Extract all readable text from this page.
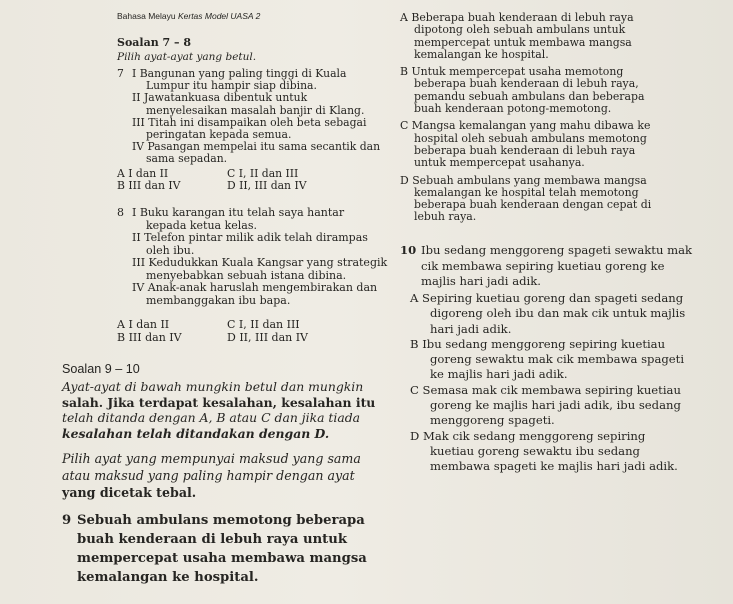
Bahasa Melayu Kertas Model UASA 2
Soalan 7 – 8
Pilih ayat-ayat yang betul.
7 I Bangunan yang paling tinggi di Kuala
Lumpur itu hampir siap dibina.
II Jawatankuasa dibentuk untuk
menyelesaikan masalah banjir di Klang.
III Titah ini disampaikan oleh beta sebagai
peringatan kepada semua.
IV Pasangan mempelai itu sama secantik dan
sama sepadan.
A I dan II	C I, II dan III
B III dan IV	D II, III dan IV
8 I Buku karangan itu telah saya hantar
kepada ketua kelas.
II Telefon pintar milik adik telah dirampas
oleh ibu.
III Kedudukkan Kuala Kangsar yang strategik
menyebabkan sebuah istana dibina.
IV Anak-anak haruslah mengembirakan dan
membanggakan ibu bapa.
A I dan II	C I, II dan III
B III dan IV	D II, III dan IV
Soalan 9 – 10
Ayat-ayat di bawah mungkin betul dan mungkin
salah. Jika terdapat kesalahan, kesalahan itu
telah ditanda dengan A, B atau C dan jika tiada
kesalahan telah ditandakan dengan D.
Pilih ayat yang mempunyai maksud yang sama
atau maksud yang paling hampir dengan ayat
yang dicetak tebal.
9 Sebuah ambulans memotong beberapa
buah kenderaan di lebuh raya untuk
mempercepat usaha membawa mangsa
kemalangan ke hospital.
A Beberapa buah kenderaan di lebuh raya
dipotong oleh sebuah ambulans untuk
mempercepat untuk membawa mangsa
kemalangan ke hospital.
B Untuk mempercepat usaha memotong
beberapa buah kenderaan di lebuh raya,
pemandu sebuah ambulans dan beberapa
buah kenderaan potong-memotong.
C Mangsa kemalangan yang mahu dibawa ke
hospital oleh sebuah ambulans memotong
beberapa buah kenderaan di lebuh raya
untuk mempercepat usahanya.
D Sebuah ambulans yang membawa mangsa
kemalangan ke hospital telah memotong
beberapa buah kenderaan dengan cepat di
lebuh raya.
10 Ibu sedang menggoreng spageti sewaktu mak
cik membawa sepiring kuetiau goreng ke
majlis hari jadi adik.
A Sepiring kuetiau goreng dan spageti sedang
digoreng oleh ibu dan mak cik untuk majlis
hari jadi adik.
B Ibu sedang menggoreng sepiring kuetiau
goreng sewaktu mak cik membawa spageti
ke majlis hari jadi adik.
C Semasa mak cik membawa sepiring kuetiau
goreng ke majlis hari jadi adik, ibu sedang
menggoreng spageti.
D Mak cik sedang menggoreng sepiring
kuetiau goreng sewaktu ibu sedang
membawa spageti ke majlis hari jadi adik.
